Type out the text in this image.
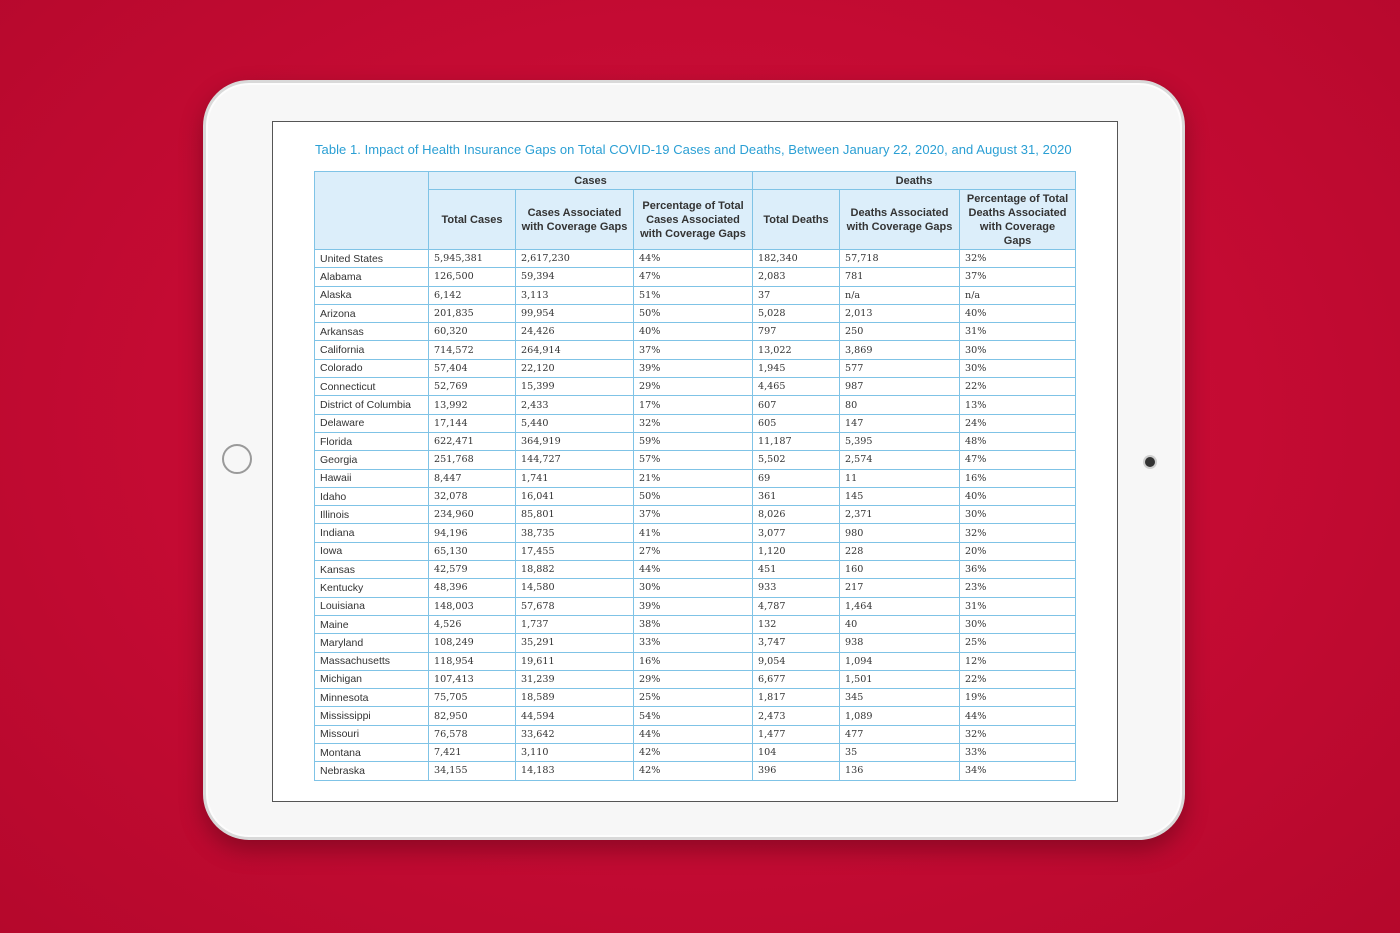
Table 1. Impact of Health Insurance Gaps on Total COVID-19 Cases and Deaths, Between January 22, 2020, and August 31, 2020
	Cases			Deaths		
	Total Cases	Cases Associated with Coverage Gaps	Percentage of Total Cases Associated with Coverage Gaps	Total Deaths	Deaths Associated with Coverage Gaps	Percentage of Total Deaths Associated with Coverage Gaps
United States	5,945,381	2,617,230	44%	182,340	57,718	32%
Alabama	126,500	59,394	47%	2,083	781	37%
Alaska	6,142	3,113	51%	37	n/a	n/a
Arizona	201,835	99,954	50%	5,028	2,013	40%
Arkansas	60,320	24,426	40%	797	250	31%
California	714,572	264,914	37%	13,022	3,869	30%
Colorado	57,404	22,120	39%	1,945	577	30%
Connecticut	52,769	15,399	29%	4,465	987	22%
District of Columbia	13,992	2,433	17%	607	80	13%
Delaware	17,144	5,440	32%	605	147	24%
Florida	622,471	364,919	59%	11,187	5,395	48%
Georgia	251,768	144,727	57%	5,502	2,574	47%
Hawaii	8,447	1,741	21%	69	11	16%
Idaho	32,078	16,041	50%	361	145	40%
Illinois	234,960	85,801	37%	8,026	2,371	30%
Indiana	94,196	38,735	41%	3,077	980	32%
Iowa	65,130	17,455	27%	1,120	228	20%
Kansas	42,579	18,882	44%	451	160	36%
Kentucky	48,396	14,580	30%	933	217	23%
Louisiana	148,003	57,678	39%	4,787	1,464	31%
Maine	4,526	1,737	38%	132	40	30%
Maryland	108,249	35,291	33%	3,747	938	25%
Massachusetts	118,954	19,611	16%	9,054	1,094	12%
Michigan	107,413	31,239	29%	6,677	1,501	22%
Minnesota	75,705	18,589	25%	1,817	345	19%
Mississippi	82,950	44,594	54%	2,473	1,089	44%
Missouri	76,578	33,642	44%	1,477	477	32%
Montana	7,421	3,110	42%	104	35	33%
Nebraska	34,155	14,183	42%	396	136	34%
